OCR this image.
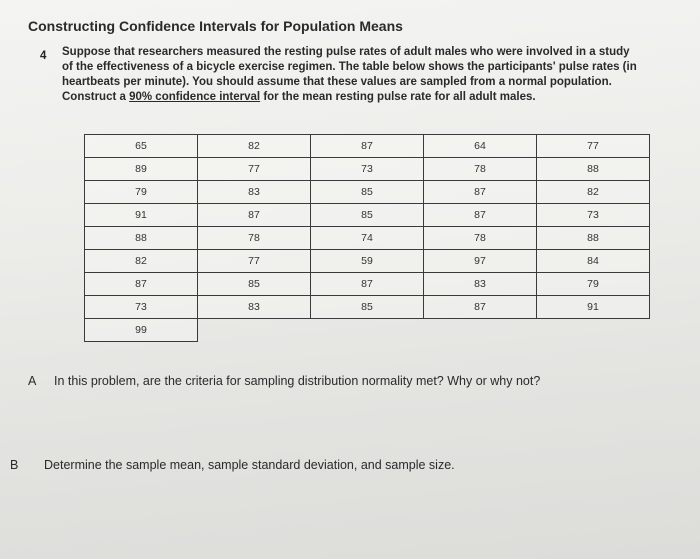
Constructing Confidence Intervals for Population Means
4 Suppose that researchers measured the resting pulse rates of adult males who were involved in a study
of the effectiveness of a bicycle exercise regimen. The table below shows the participants' pulse rates (in
heartbeats per minute). You should assume that these values are sampled from a normal population.
Construct a 90% confidence interval for the mean resting pulse rate for all adult males.

65	82	87	64	77
89	77	73	78	88
79	83	85	87	82
91	87	85	87	73
88	78	74	78	88
82	77	59	97	84
87	85	87	83	79
73	83	85	87	91
99				
A In this problem, are the criteria for sampling distribution normality met? Why or why not?
B Determine the sample mean, sample standard deviation, and sample size.
